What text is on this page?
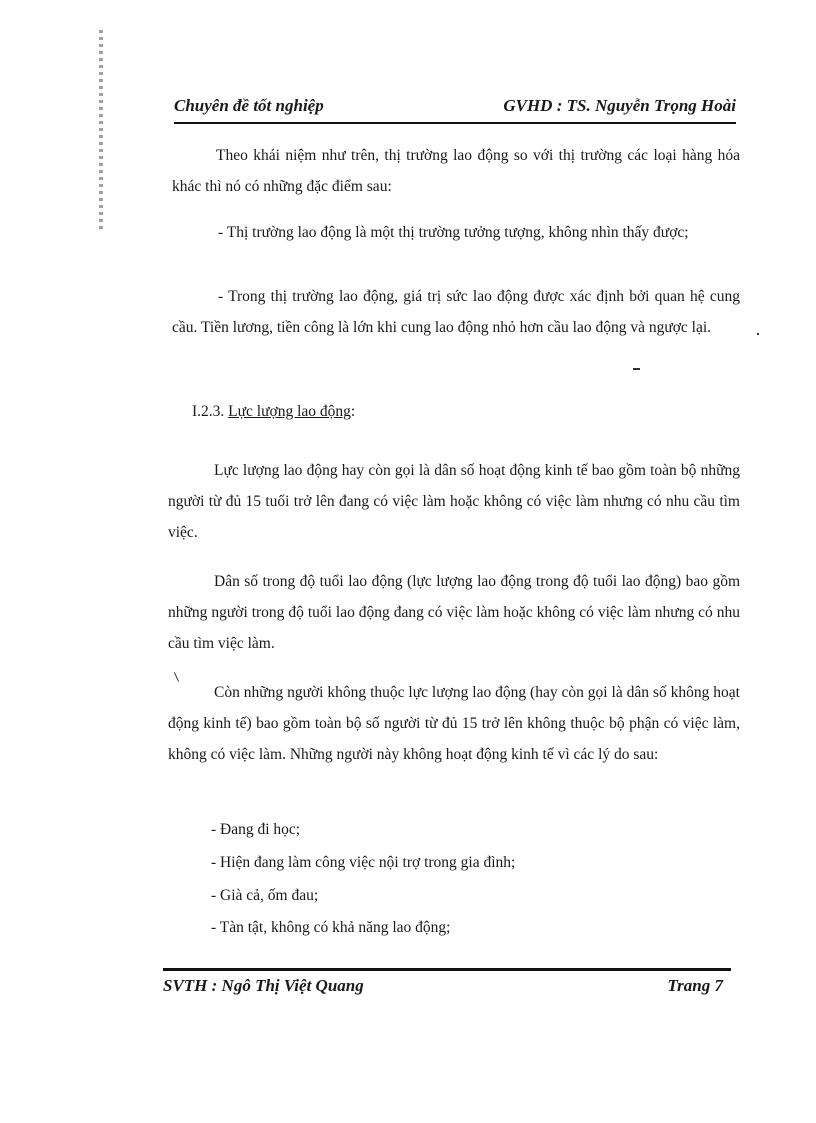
Chuyên đề tốt nghiệp	GVHD : TS. Nguyễn Trọng Hoài

Theo khái niệm như trên, thị trường lao động so với thị trường các loại hàng hóa khác thì nó có những đặc điểm sau:

- Thị trường lao động là một thị trường tưởng tượng, không nhìn thấy được;

- Trong thị trường lao động, giá trị sức lao động được xác định bởi quan hệ cung cầu. Tiền lương, tiền công là lớn khi cung lao động nhỏ hơn cầu lao động và ngược lại.

I.2.3. Lực lượng lao động:

Lực lượng lao động hay còn gọi là dân số hoạt động kinh tế bao gồm toàn bộ những người từ đủ 15 tuổi trở lên đang có việc làm hoặc không có việc làm nhưng có nhu cầu tìm việc.

Dân số trong độ tuổi lao động (lực lượng lao động trong độ tuổi lao động) bao gồm những người trong độ tuổi lao động đang có việc làm hoặc không có việc làm nhưng có nhu cầu tìm việc làm.

Còn những người không thuộc lực lượng lao động (hay còn gọi là dân số không hoạt động kinh tế) bao gồm toàn bộ số người từ đủ 15 trở lên không thuộc bộ phận có việc làm, không có việc làm. Những người này không hoạt động kinh tế vì các lý do sau:

- Đang đi học;

- Hiện đang làm công việc nội trợ trong gia đình;

- Già cả, ốm đau;

- Tàn tật, không có khả năng lao động;

SVTH : Ngô Thị Việt Quang	Trang 7
